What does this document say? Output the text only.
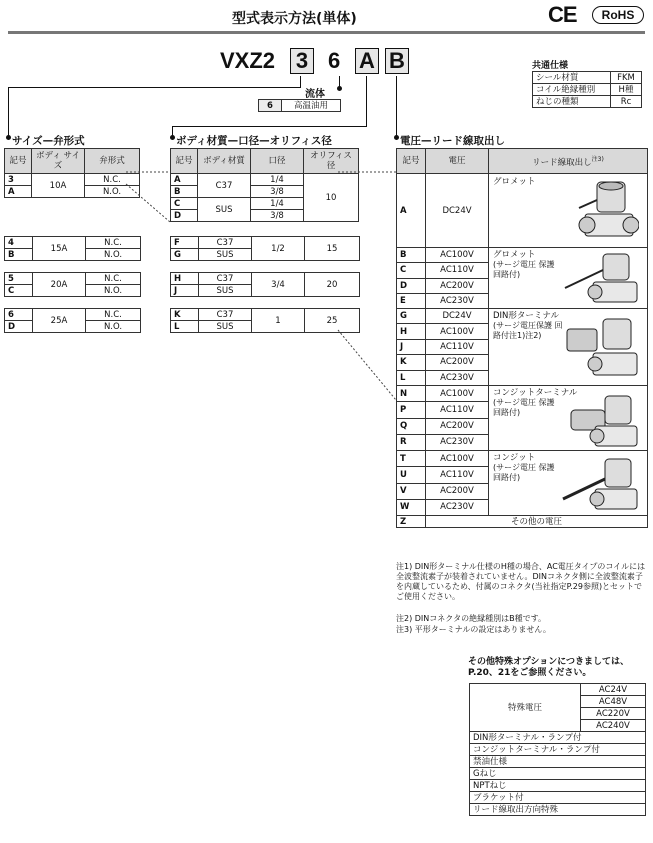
型式表示方法(単体)	CE	RoHS
VXZ2 3 6 A B
流体
6	高温油用
共通仕様
シール材質	FKM
コイル絶縁種別	H種
ねじの種類	Rc
サイズ—弁形式	ボディ材質—口径—オリフィス径	電圧—リード線取出し
記号	ボディ サイズ	弁形式
3	10A	N.C.
A		N.O.
4	15A	N.C.
B		N.O.
5	20A	N.C.
C		N.O.
6	25A	N.C.
D		N.O.
記号	ボディ材質	口径	オリフィス 径
A	C37	1/4	10
B		3/8	
C	SUS	1/4	
D		3/8	
F	C37	1/2	15
G	SUS		
H	C37	3/4	20
J	SUS		
K	C37	1	25
L	SUS		
記号	電圧	リード線取出し$^{注3)}$
A	DC24V	グロメット

B	AC100V	グロメット
(サージ電圧 保護回路付)

C	AC110V	
D	AC200V	
E	AC230V	
G	DC24V	DIN形ターミナル
(サージ電圧保護 回路付注1)注2)

H	AC100V	
J	AC110V	
K	AC200V	
L	AC230V	
N	AC100V	コンジットターミナル
(サージ電圧 保護回路付)

P	AC110V	
Q	AC200V	
R	AC230V	
T	AC100V	コンジット
(サージ電圧 保護回路付)

U	AC110V	
V	AC200V	
W	AC230V	
Z	その他の電圧	
注1) DIN形ターミナル仕様のH種の場合、AC電圧タイプのコイルには全波整流素子が装着されていません。DINコネクタ側に全波整流素子を内蔵しているため、付属のコネクタ(当社指定P.29参照)とセットでご使用ください。
注2) DINコネクタの絶縁種別はB種です。
注3) 平形ターミナルの設定はありません。
その他特殊オプションにつきましては、
P.20、21をご参照ください。
特殊電圧	AC24V
AC48V
AC220V
AC240V
DIN形ターミナル・ランプ付
コンジットターミナル・ランプ付
禁油仕様
Gねじ
NPTねじ
ブラケット付
リード線取出方向特殊
